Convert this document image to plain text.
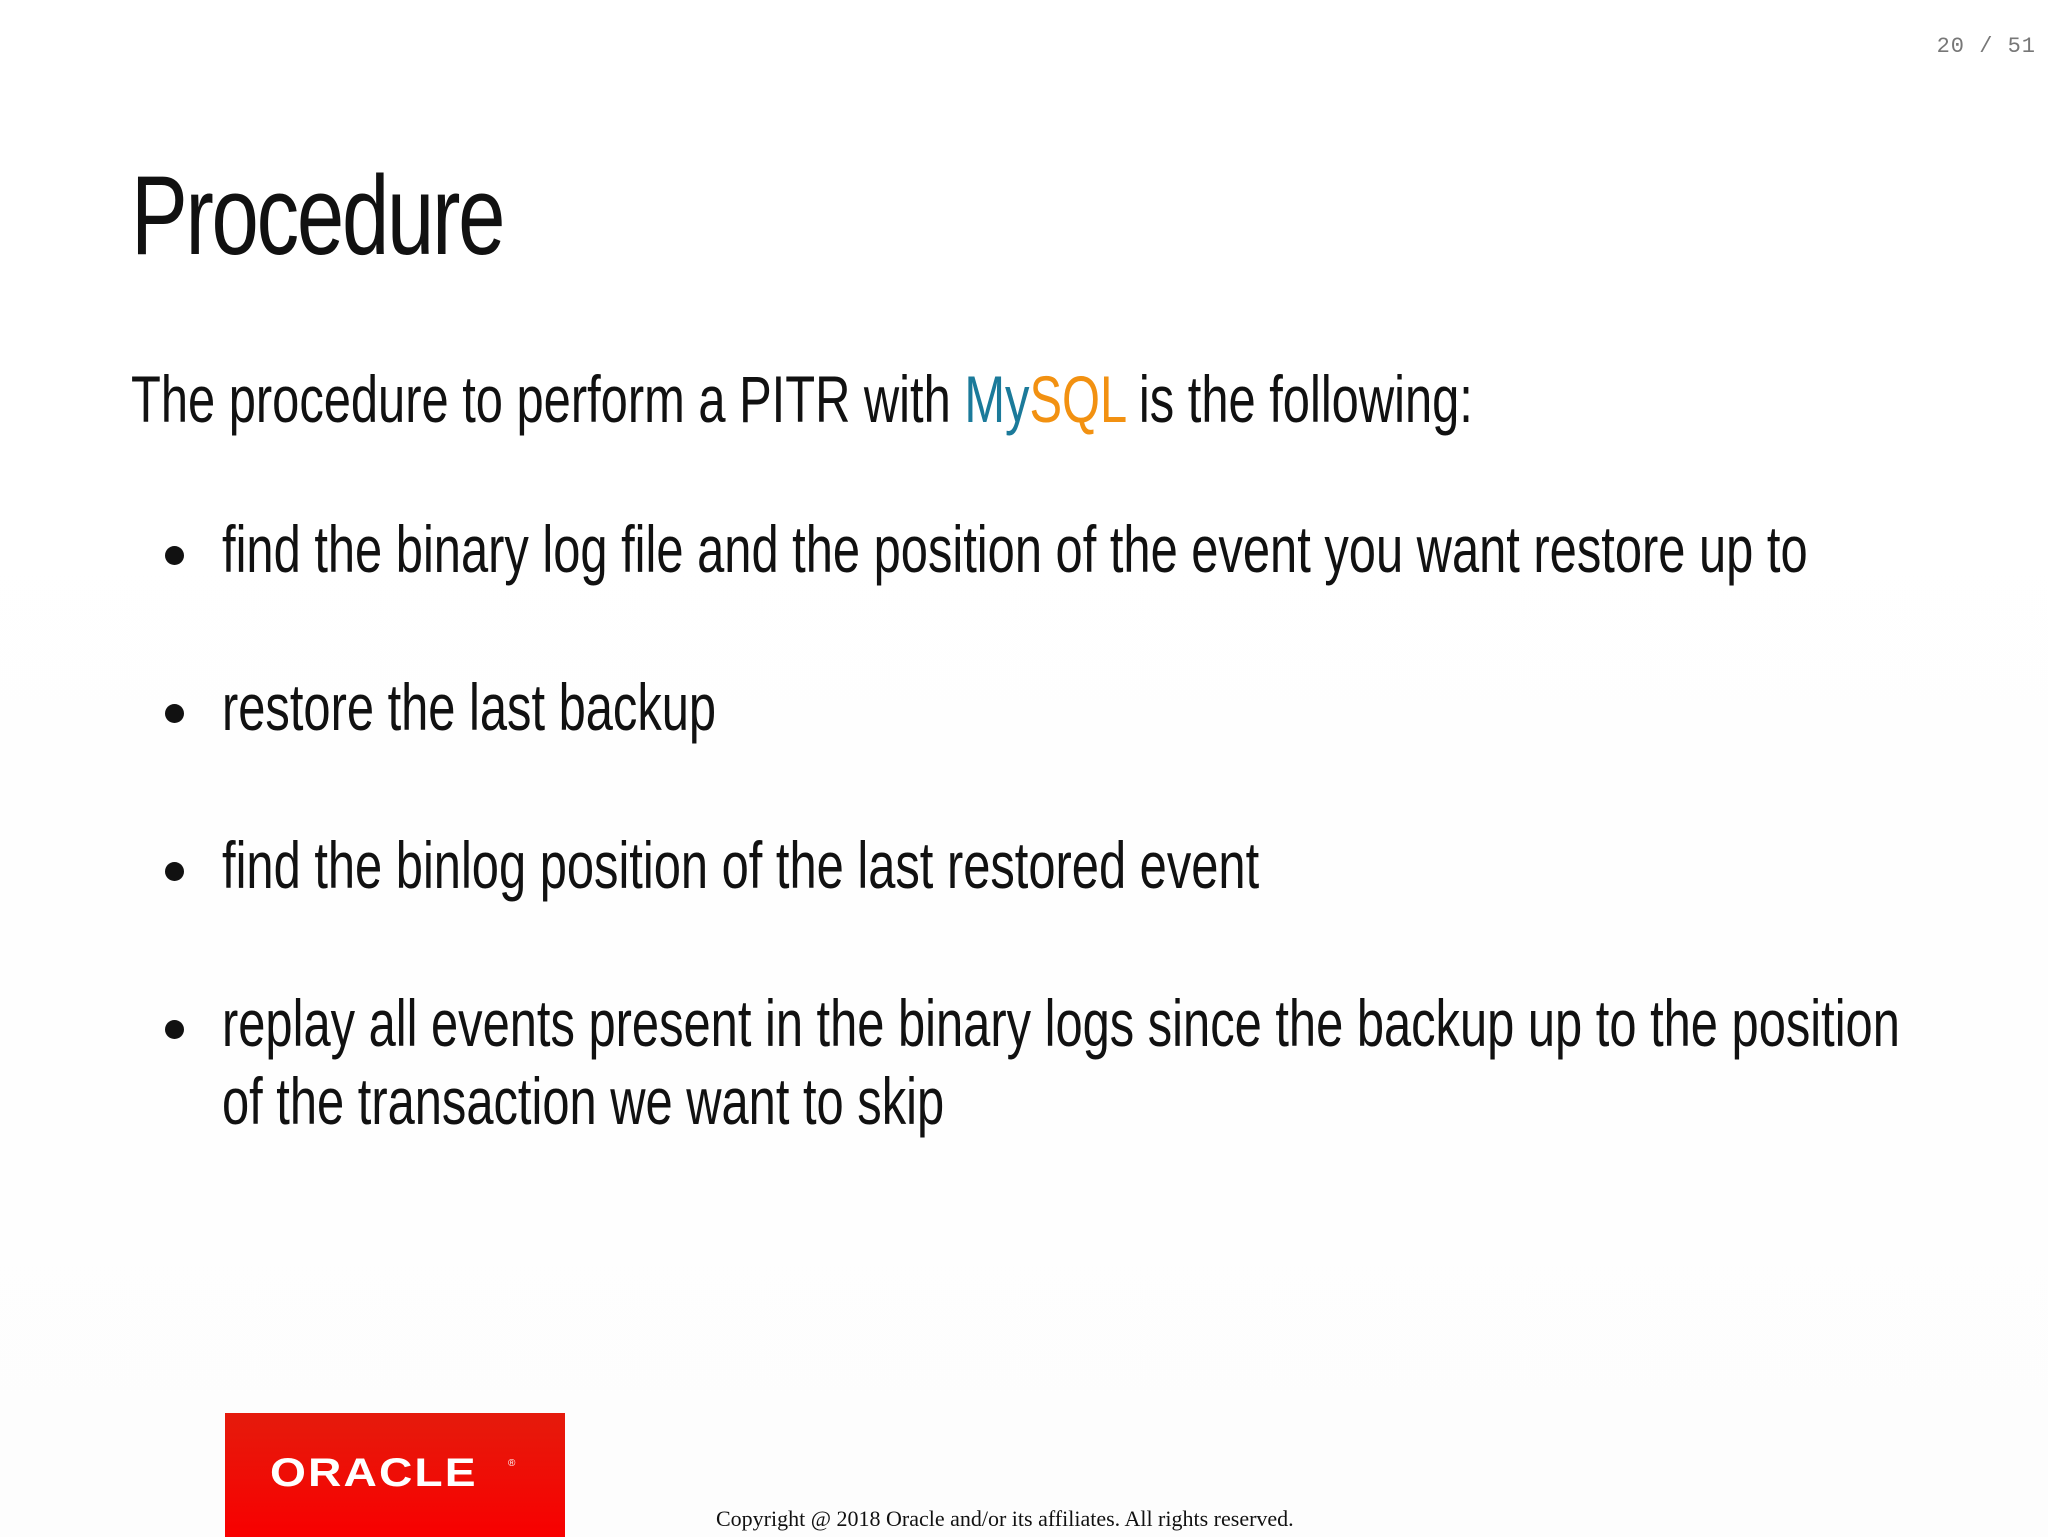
20 / 51
Procedure

The procedure to perform a PITR with MySQL is the following:

find the binary log file and the position of the event you want restore up to
restore the last backup
find the binlog position of the last restored event
replay all events present in the binary logs since the backup up to the position of the transaction we want to skip
ORACLE	®
Copyright @ 2018 Oracle and/or its affiliates. All rights reserved.
